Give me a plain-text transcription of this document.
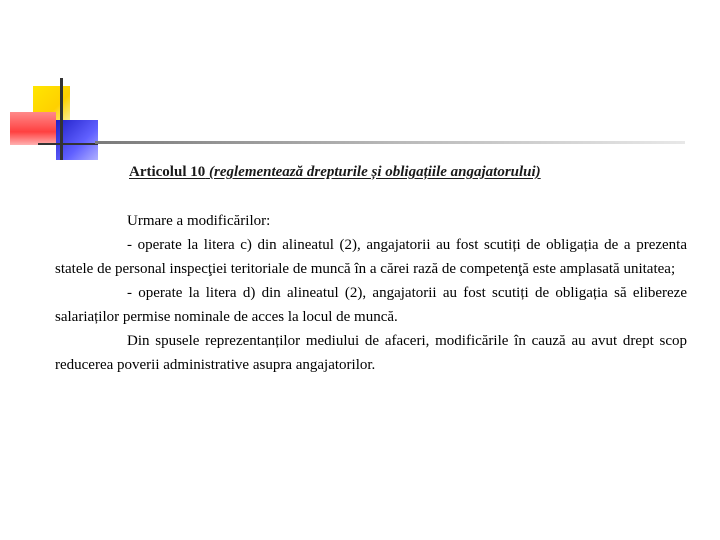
Articolul 10 (reglementează drepturile și obligațiile angajatorului)

Urmare a modificărilor:

- operate la litera c) din alineatul (2), angajatorii au fost scutiți de obligația de a prezenta statele de personal inspecţiei teritoriale de muncă în a cărei rază de competenţă este amplasată unitatea;

- operate la litera d) din alineatul (2), angajatorii au fost scutiți de obligația să elibereze salariaților permise nominale de acces la locul de muncă.

Din spusele reprezentanților mediului de afaceri, modificările în cauză au avut drept scop reducerea poverii administrative asupra angajatorilor.
